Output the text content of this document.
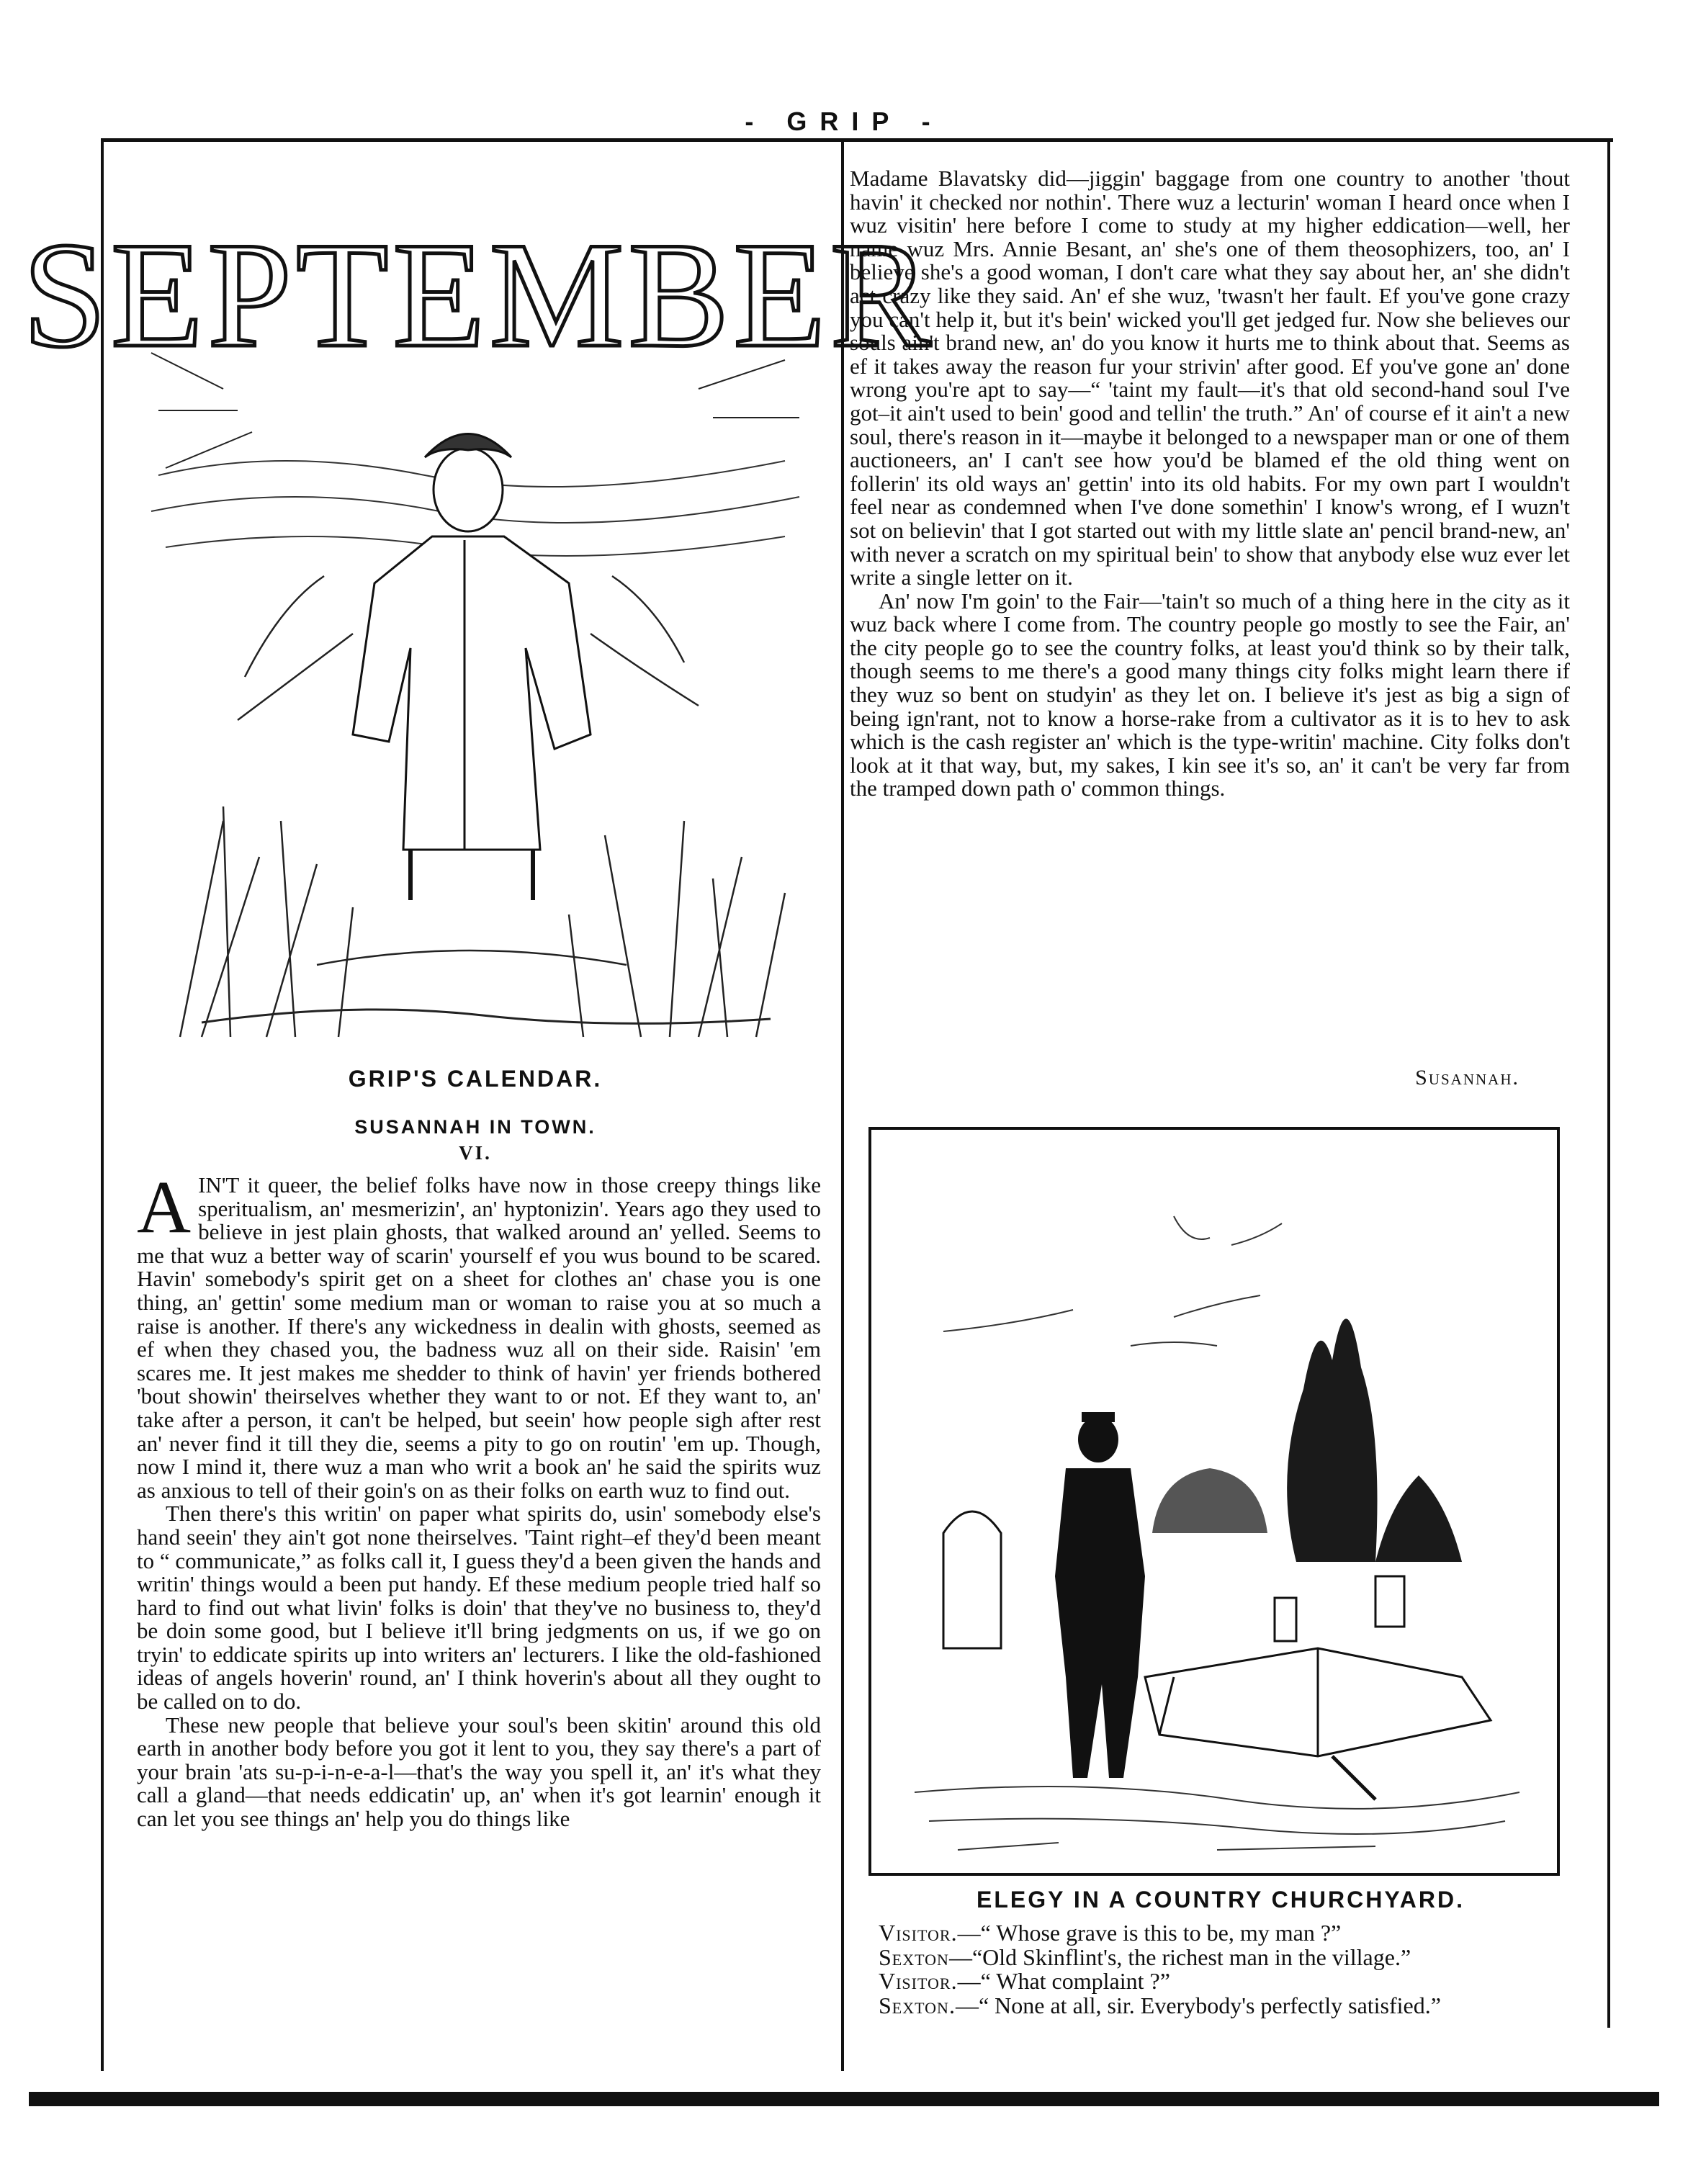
- GRIP -
SEPTEMBER
GRIP'S CALENDAR.
SUSANNAH IN TOWN.
VI.

AIN'T it queer, the belief folks have now in those creepy things like speritualism, an' mesmerizin', an' hyptonizin'. Years ago they used to believe in jest plain ghosts, that walked around an' yelled. Seems to me that wuz a better way of scarin' yourself ef you wus bound to be scared. Havin' somebody's spirit get on a sheet for clothes an' chase you is one thing, an' gettin' some medium man or woman to raise you at so much a raise is another. If there's any wickedness in dealin with ghosts, seemed as ef when they chased you, the badness wuz all on their side. Raisin' 'em scares me. It jest makes me shedder to think of havin' yer friends bothered 'bout showin' theirselves whether they want to or not. Ef they want to, an' take after a person, it can't be helped, but seein' how people sigh after rest an' never find it till they die, seems a pity to go on routin' 'em up. Though, now I mind it, there wuz a man who writ a book an' he said the spirits wuz as anxious to tell of their goin's on as their folks on earth wuz to find out.

Then there's this writin' on paper what spirits do, usin' somebody else's hand seein' they ain't got none theirselves. 'Taint right–ef they'd been meant to “ communicate,” as folks call it, I guess they'd a been given the hands and writin' things would a been put handy. Ef these medium people tried half so hard to find out what livin' folks is doin' that they've no business to, they'd be doin some good, but I believe it'll bring jedgments on us, if we go on tryin' to eddicate spirits up into writers an' lecturers. I like the old-fashioned ideas of angels hoverin' round, an' I think hoverin's about all they ought to be called on to do.

These new people that believe your soul's been skitin' around this old earth in another body before you got it lent to you, they say there's a part of your brain 'ats su-p-i-n-e-a-l—that's the way you spell it, an' it's what they call a gland—that needs eddicatin' up, an' when it's got learnin' enough it can let you see things an' help you do things like

Madame Blavatsky did—jiggin' baggage from one country to another 'thout havin' it checked nor nothin'. There wuz a lecturin' woman I heard once when I wuz visitin' here before I come to study at my higher eddication—well, her name wuz Mrs. Annie Besant, an' she's one of them theosophizers, too, an' I believe she's a good woman, I don't care what they say about her, an' she didn't act crazy like they said. An' ef she wuz, 'twasn't her fault. Ef you've gone crazy you can't help it, but it's bein' wicked you'll get jedged fur. Now she believes our souls ain't brand new, an' do you know it hurts me to think about that. Seems as ef it takes away the reason fur your strivin' after good. Ef you've gone an' done wrong you're apt to say—“ 'taint my fault—it's that old second-hand soul I've got–it ain't used to bein' good and tellin' the truth.” An' of course ef it ain't a new soul, there's reason in it—maybe it belonged to a newspaper man or one of them auctioneers, an' I can't see how you'd be blamed ef the old thing went on follerin' its old ways an' gettin' into its old habits. For my own part I wouldn't feel near as condemned when I've done somethin' I know's wrong, ef I wuzn't sot on believin' that I got started out with my little slate an' pencil brand-new, an' with never a scratch on my spiritual bein' to show that anybody else wuz ever let write a single letter on it.

An' now I'm goin' to the Fair—'tain't so much of a thing here in the city as it wuz back where I come from. The country people go mostly to see the Fair, an' the city people go to see the country folks, at least you'd think so by their talk, though seems to me there's a good many things city folks might learn there if they wuz so bent on studyin' as they let on. I believe it's jest as big a sign of being ign'rant, not to know a horse-rake from a cultivator as it is to hev to ask which is the cash register an' which is the type-writin' machine. City folks don't look at it that way, but, my sakes, I kin see it's so, an' it can't be very far from the tramped down path o' common things.

Susannah.
ELEGY IN A COUNTRY CHURCHYARD.

Visitor.—“ Whose grave is this to be, my man ?”

Sexton—“Old Skinflint's, the richest man in the village.”

Visitor.—“ What complaint ?”

Sexton.—“ None at all, sir. Everybody's perfectly satisfied.”
